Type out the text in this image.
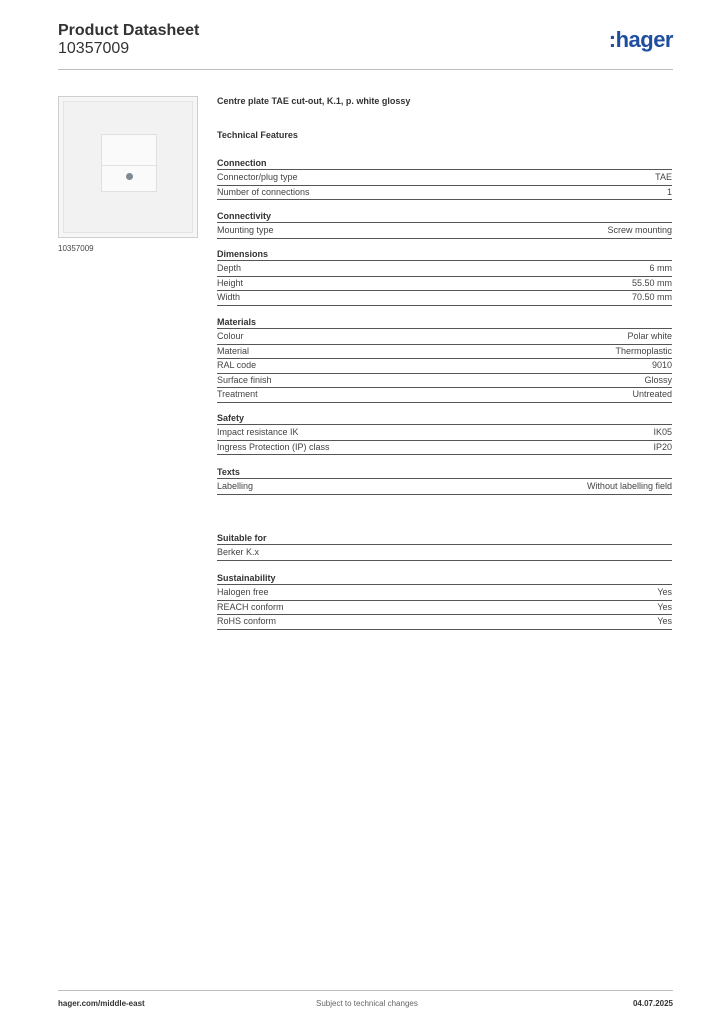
Product Datasheet
10357009	:hager
10357009
Centre plate TAE cut-out, K.1, p. white glossy
Technical Features
Connection
Connector/plug type	TAE
Number of connections	1
Connectivity
Mounting type	Screw mounting
Dimensions
Depth	6 mm
Height	55.50 mm
Width	70.50 mm
Materials
Colour	Polar white
Material	Thermoplastic
RAL code	9010
Surface finish	Glossy
Treatment	Untreated
Safety
Impact resistance IK	IK05
Ingress Protection (IP) class	IP20
Texts
Labelling	Without labelling field
Suitable for
Berker K.x
Sustainability
Halogen free	Yes
REACH conform	Yes
RoHS conform	Yes
hager.com/middle-east	Subject to technical changes	04.07.2025
